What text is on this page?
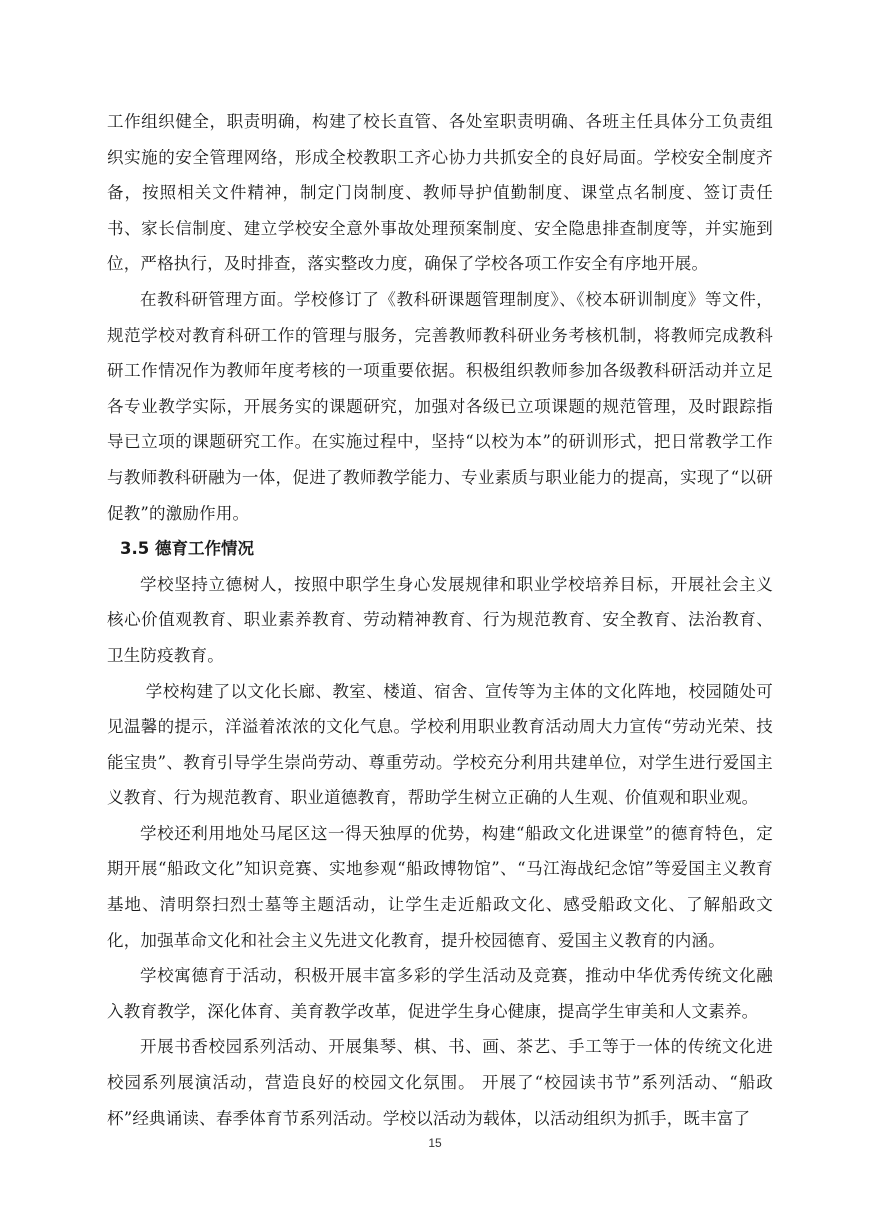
工作组织健全，职责明确，构建了校长直管、各处室职责明确、各班主任具体分工负责组织实施的安全管理网络，形成全校教职工齐心协力共抓安全的良好局面。学校安全制度齐备，按照相关文件精神，制定门岗制度、教师导护值勤制度、课堂点名制度、签订责任书、家长信制度、建立学校安全意外事故处理预案制度、安全隐患排查制度等，并实施到位，严格执行，及时排查，落实整改力度，确保了学校各项工作安全有序地开展。

在教科研管理方面。学校修订了《教科研课题管理制度》、《校本研训制度》等文件，规范学校对教育科研工作的管理与服务，完善教师教科研业务考核机制，将教师完成教科研工作情况作为教师年度考核的一项重要依据。积极组织教师参加各级教科研活动并立足各专业教学实际，开展务实的课题研究，加强对各级已立项课题的规范管理，及时跟踪指导已立项的课题研究工作。在实施过程中，坚持“以校为本”的研训形式，把日常教学工作与教师教科研融为一体，促进了教师教学能力、专业素质与职业能力的提高，实现了“以研促教”的激励作用。

3.5 德育工作情况

学校坚持立德树人，按照中职学生身心发展规律和职业学校培养目标，开展社会主义核心价值观教育、职业素养教育、劳动精神教育、行为规范教育、安全教育、法治教育、卫生防疫教育。

学校构建了以文化长廊、教室、楼道、宿舍、宣传等为主体的文化阵地，校园随处可见温馨的提示，洋溢着浓浓的文化气息。学校利用职业教育活动周大力宣传“劳动光荣、技能宝贵”、教育引导学生崇尚劳动、尊重劳动。学校充分利用共建单位，对学生进行爱国主义教育、行为规范教育、职业道德教育，帮助学生树立正确的人生观、价值观和职业观。

学校还利用地处马尾区这一得天独厚的优势，构建“船政文化进课堂”的德育特色，定期开展“船政文化”知识竞赛、实地参观“船政博物馆”、“马江海战纪念馆”等爱国主义教育基地、清明祭扫烈士墓等主题活动，让学生走近船政文化、感受船政文化、了解船政文化，加强革命文化和社会主义先进文化教育，提升校园德育、爱国主义教育的内涵。

学校寓德育于活动，积极开展丰富多彩的学生活动及竞赛，推动中华优秀传统文化融入教育教学，深化体育、美育教学改革，促进学生身心健康，提高学生审美和人文素养。

开展书香校园系列活动、开展集琴、棋、书、画、茶艺、手工等于一体的传统文化进校园系列展演活动，营造良好的校园文化氛围。 开展了“校园读书节”系列活动、“船政杯”经典诵读、春季体育节系列活动。学校以活动为载体，以活动组织为抓手，既丰富了

15
